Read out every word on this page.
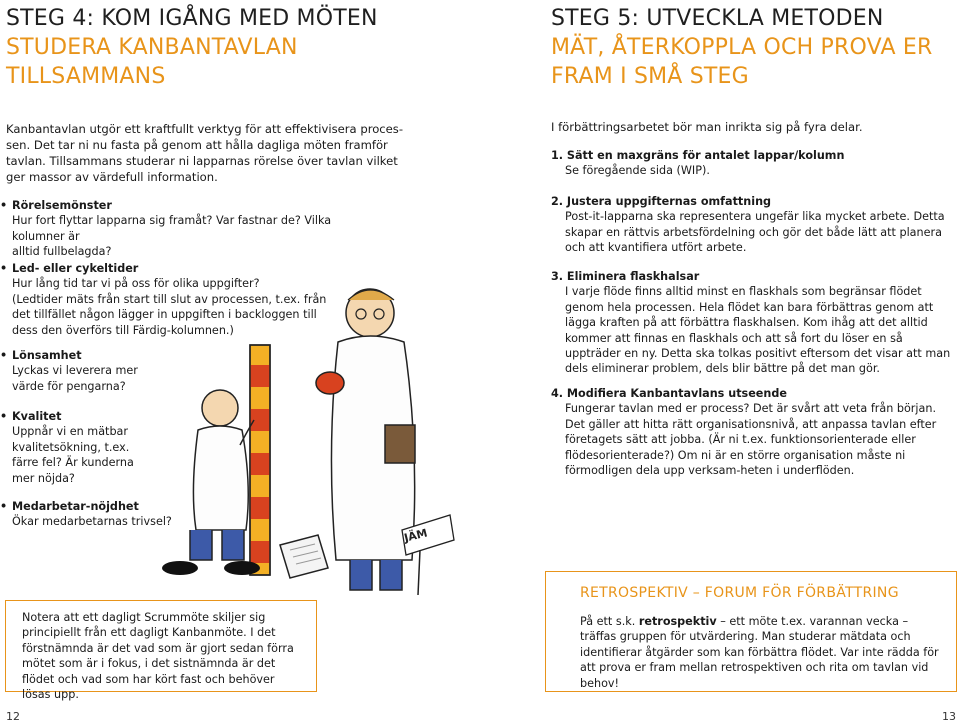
STEG 4: KOM IGÅNG MED MÖTEN
STUDERA KANBANTAVLAN
TILLSAMMANS
Kanbantavlan utgör ett kraftfullt verktyg för att effektivisera proces-
sen. Det tar ni nu fasta på genom att hålla dagliga möten framför
tavlan. Tillsammans studerar ni lapparnas rörelse över tavlan vilket
ger massor av värdefull information.
• Rörelsemönster
Hur fort flyttar lapparna sig framåt? Var fastnar de? Vilka kolumner är
alltid fullbelagda?
• Led- eller cykeltider
Hur lång tid tar vi på oss för olika uppgifter?
(Ledtider mäts från start till slut av processen, t.ex. från
det tillfället någon lägger in uppgiften i backloggen till
dess den överförs till Färdig-kolumnen.)
• Lönsamhet
Lyckas vi leverera mer
värde för pengarna?
• Kvalitet
Uppnår vi en mätbar
kvalitetsökning, t.ex.
färre fel? Är kunderna
mer nöjda?
• Medarbetar-nöjdhet
Ökar medarbetarnas trivsel?
JÄM
Notera att ett dagligt Scrummöte skiljer sig principiellt från ett dagligt Kanbanmöte. I det förstnämnda är det vad som är gjort sedan förra mötet som är i fokus, i det sistnämnda är det flödet och vad som har kört fast och behöver lösas upp.
STEG 5: UTVECKLA METODEN
MÄT, ÅTERKOPPLA OCH PROVA ER
FRAM I SMÅ STEG
I förbättringsarbetet bör man inrikta sig på fyra delar.
1. Sätt en maxgräns för antalet lappar/kolumn
Se föregående sida (WIP).
2. Justera uppgifternas omfattning
Post-it-lapparna ska representera ungefär lika mycket arbete. Detta skapar en rättvis arbetsfördelning och gör det både lätt att planera och att kvantifiera utfört arbete.
3. Eliminera flaskhalsar
I varje flöde finns alltid minst en flaskhals som begränsar flödet genom hela processen. Hela flödet kan bara förbättras genom att lägga kraften på att förbättra flaskhalsen. Kom ihåg att det alltid kommer att finnas en flaskhals och att så fort du löser en så uppträder en ny. Detta ska tolkas positivt eftersom det visar att man dels eliminerar problem, dels blir bättre på det man gör.
4. Modifiera Kanbantavlans utseende
Fungerar tavlan med er process? Det är svårt att veta från början. Det gäller att hitta rätt organisationsnivå, att anpassa tavlan efter företagets sätt att jobba. (Är ni t.ex. funktionsorienterade eller flödesorienterade?) Om ni är en större organisation måste ni förmodligen dela upp verksam-heten i underflöden.
RETROSPEKTIV – FORUM FÖR FÖRBÄTTRING
På ett s.k. retrospektiv – ett möte t.ex. varannan vecka – träffas gruppen för utvärdering. Man studerar mätdata och identifierar åtgärder som kan förbättra flödet. Var inte rädda för att prova er fram mellan retrospektiven och rita om tavlan vid behov!
12	13
